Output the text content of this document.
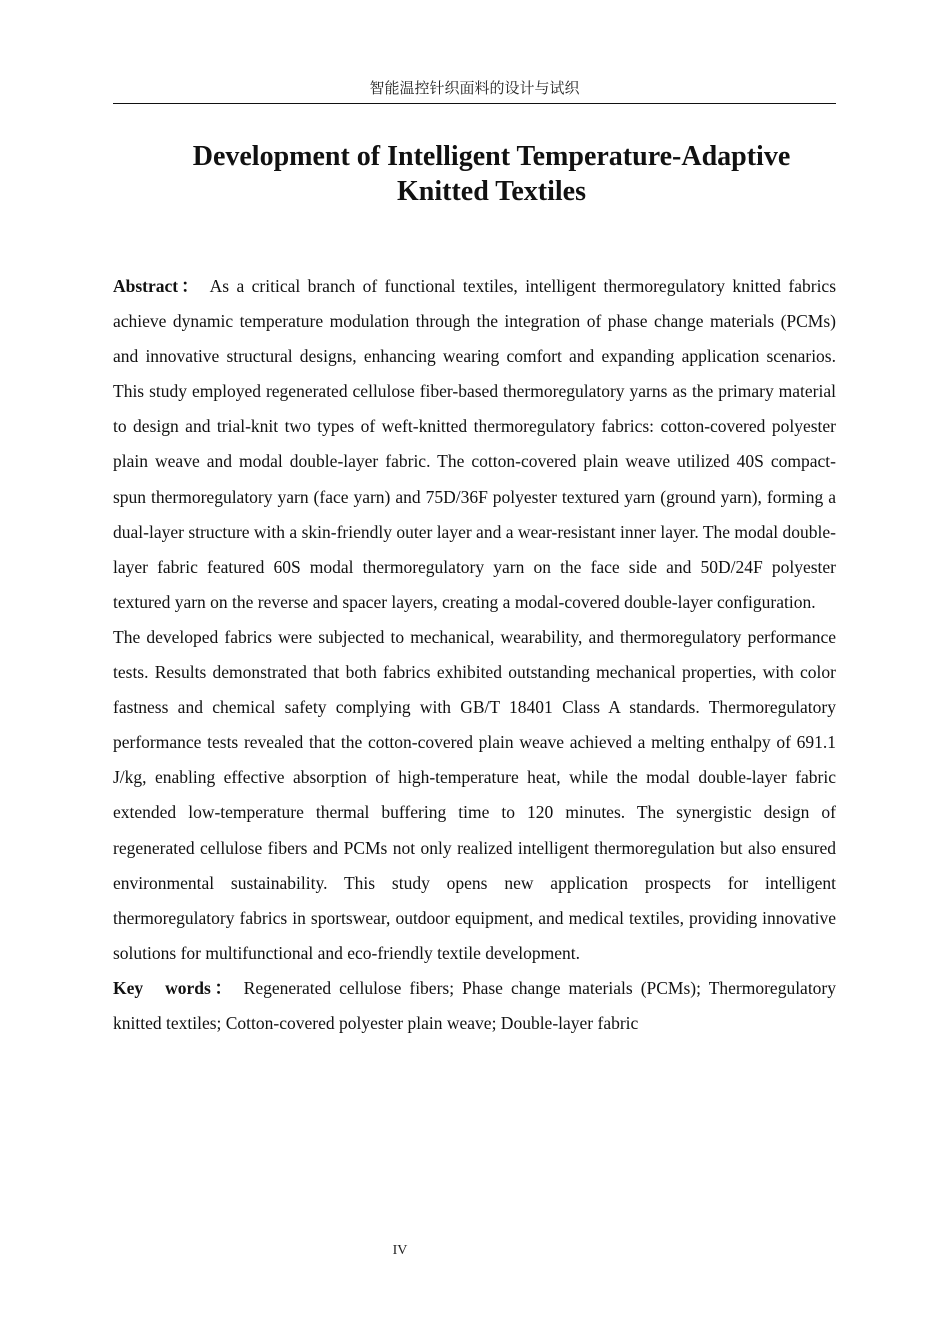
智能温控针织面料的设计与试织
Development of Intelligent Temperature-Adaptive
Knitted Textiles

Abstract： As a critical branch of functional textiles, intelligent thermoregulatory knitted fabrics achieve dynamic temperature modulation through the integration of phase change materials (PCMs) and innovative structural designs, enhancing wearing comfort and expanding application scenarios. This study employed regenerated cellulose fiber-based thermoregulatory yarns as the primary material to design and trial-knit two types of weft-knitted thermoregulatory fabrics: cotton-covered polyester plain weave and modal double-layer fabric. The cotton-covered plain weave utilized 40S compact-spun thermoregulatory yarn (face yarn) and 75D/36F polyester textured yarn (ground yarn), forming a dual-layer structure with a skin-friendly outer layer and a wear-resistant inner layer. The modal double-layer fabric featured 60S modal thermoregulatory yarn on the face side and 50D/24F polyester textured yarn on the reverse and spacer layers, creating a modal-covered double-layer configuration.

The developed fabrics were subjected to mechanical, wearability, and thermoregulatory performance tests. Results demonstrated that both fabrics exhibited outstanding mechanical properties, with color fastness and chemical safety complying with GB/T 18401 Class A standards. Thermoregulatory performance tests revealed that the cotton-covered plain weave achieved a melting enthalpy of 691.1 J/kg, enabling effective absorption of high-temperature heat, while the modal double-layer fabric extended low-temperature thermal buffering time to 120 minutes. The synergistic design of regenerated cellulose fibers and PCMs not only realized intelligent thermoregulation but also ensured environmental sustainability. This study opens new application prospects for intelligent thermoregulatory fabrics in sportswear, outdoor equipment, and medical textiles, providing innovative solutions for multifunctional and eco-friendly textile development.

Key words： Regenerated cellulose fibers; Phase change materials (PCMs); Thermoregulatory knitted textiles; Cotton-covered polyester plain weave; Double-layer fabric

IV
